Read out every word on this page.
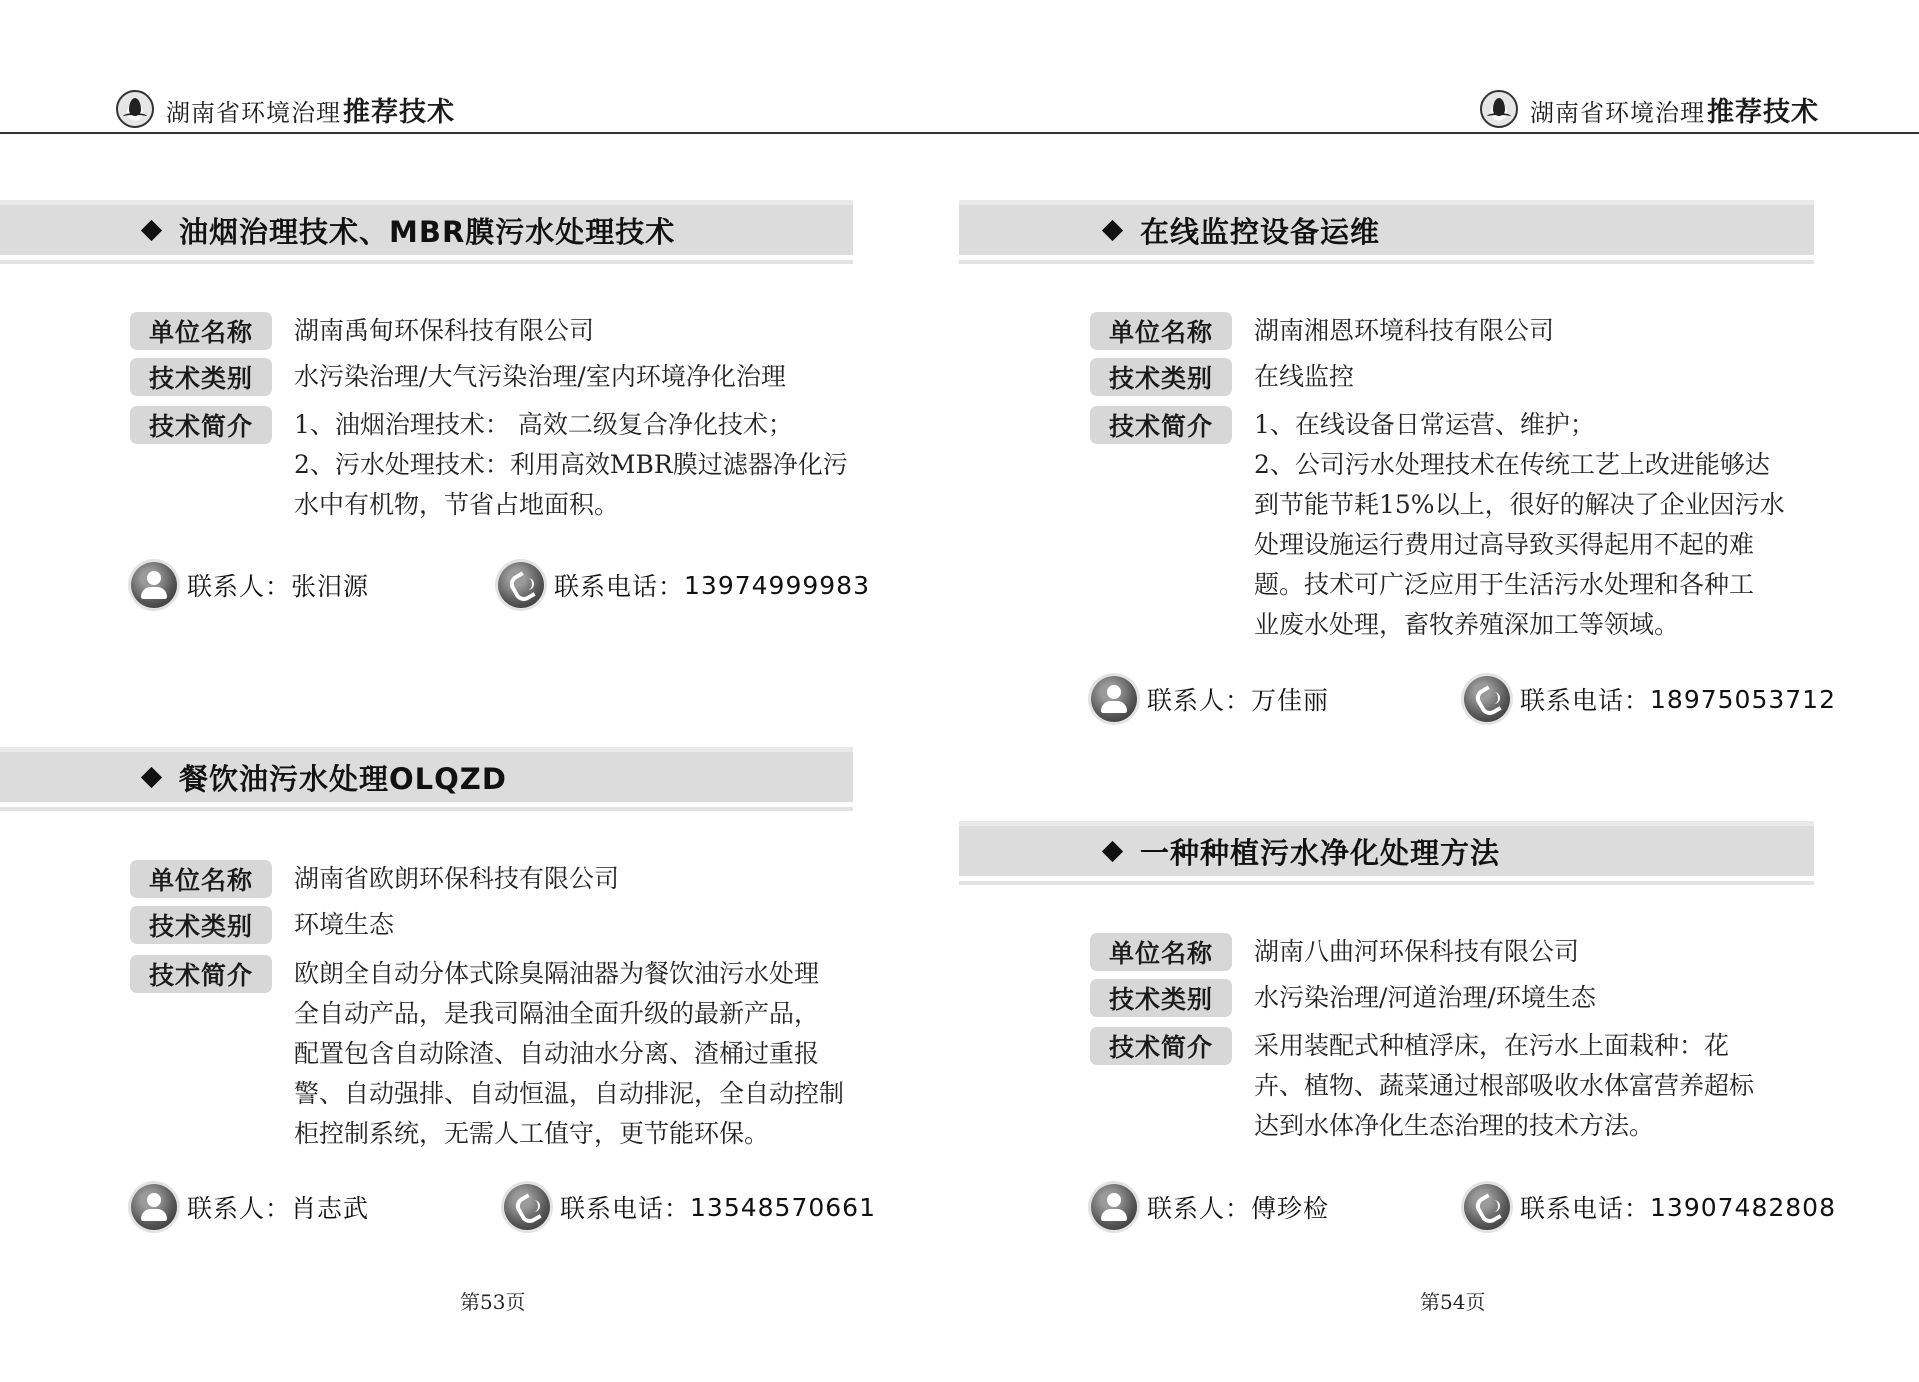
湖南省环境治理推荐技术	湖南省环境治理推荐技术
油烟治理技术、MBR膜污水处理技术
单位名称	湖南禹甸环保科技有限公司
技术类别	水污染治理/大气污染治理/室内环境净化治理
技术简介	1、油烟治理技术： 高效二级复合净化技术；
2、污水处理技术：利用高效MBR膜过滤器净化污
水中有机物，节省占地面积。
联系人： 张汨源	联系电话： 13974999983
餐饮油污水处理OLQZD
单位名称	湖南省欧朗环保科技有限公司
技术类别	环境生态
技术简介	欧朗全自动分体式除臭隔油器为餐饮油污水处理
全自动产品，是我司隔油全面升级的最新产品，
配置包含自动除渣、自动油水分离、渣桶过重报
警、自动强排、自动恒温，自动排泥，全自动控制
柜控制系统，无需人工值守，更节能环保。
联系人： 肖志武	联系电话： 13548570661
在线监控设备运维
单位名称	湖南湘恩环境科技有限公司
技术类别	在线监控
技术简介	1、在线设备日常运营、维护；
2、公司污水处理技术在传统工艺上改进能够达
到节能节耗15%以上，很好的解决了企业因污水
处理设施运行费用过高导致买得起用不起的难
题。技术可广泛应用于生活污水处理和各种工
业废水处理，畜牧养殖深加工等领域。
联系人： 万佳丽	联系电话： 18975053712
一种种植污水净化处理方法
单位名称	湖南八曲河环保科技有限公司
技术类别	水污染治理/河道治理/环境生态
技术简介	采用装配式种植浮床，在污水上面栽种：花
卉、植物、蔬菜通过根部吸收水体富营养超标
达到水体净化生态治理的技术方法。
联系人： 傅珍检	联系电话： 13907482808
第53页	第54页
